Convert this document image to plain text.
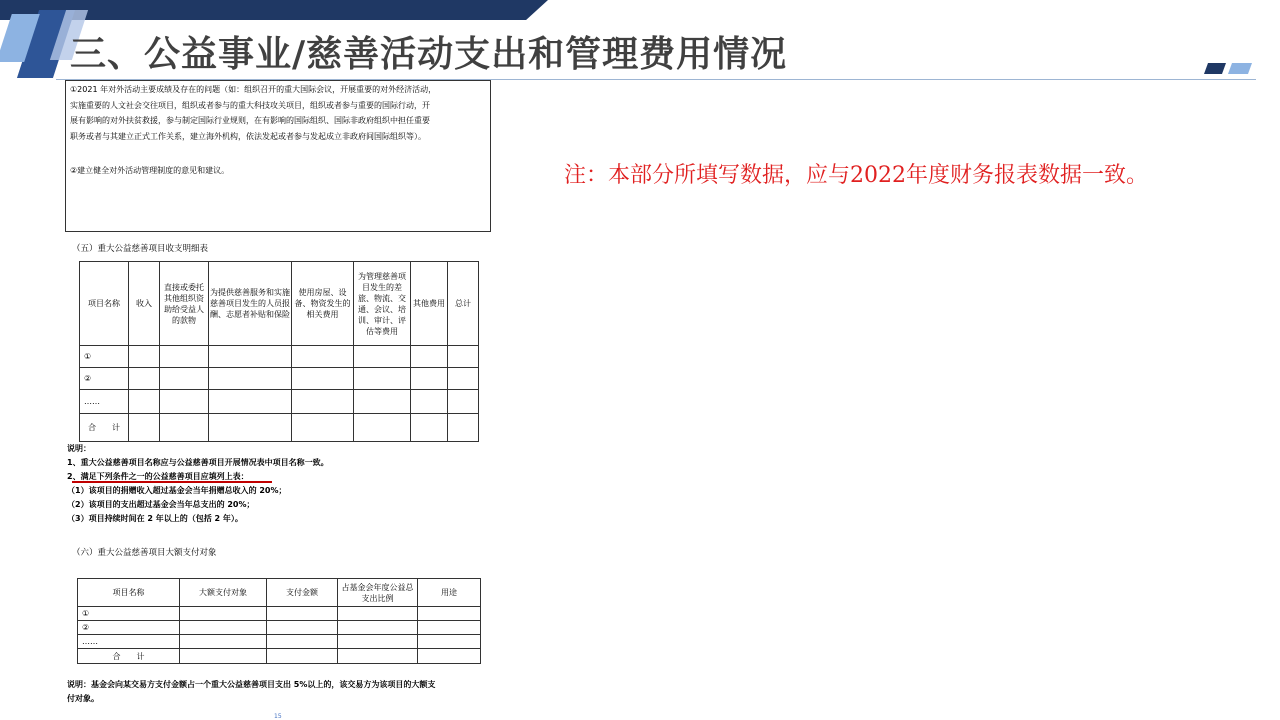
三、公益事业/慈善活动支出和管理费用情况
注：本部分所填写数据，应与2022年度财务报表数据一致。
①2021 年对外活动主要成绩及存在的问题（如：组织召开的重大国际会议，开展重要的对外经济活动，
实施重要的人文社会交往项目，组织或者参与的重大科技攻关项目，组织或者参与重要的国际行动，开
展有影响的对外扶贫救援，参与制定国际行业规则，在有影响的国际组织、国际非政府组织中担任重要
职务或者与其建立正式工作关系，建立海外机构，依法发起或者参与发起成立非政府间国际组织等）。
②建立健全对外活动管理制度的意见和建议。
（五）重大公益慈善项目收支明细表
项目名称	收入	直接或委托其他组织资助给受益人的款物	为提供慈善服务和实施慈善项目发生的人员报酬、志愿者补贴和保险	使用房屋、设备、物资发生的相关费用	为管理慈善项目发生的差旅、物流、交通、会议、培训、审计、评估等费用	其他费用	总计
①							
②							
……							
合　　计							
说明：
1、重大公益慈善项目名称应与公益慈善项目开展情况表中项目名称一致。
2、满足下列条件之一的公益慈善项目应填列上表：
（1）该项目的捐赠收入超过基金会当年捐赠总收入的 20%；
（2）该项目的支出超过基金会当年总支出的 20%；
（3）项目持续时间在 2 年以上的（包括 2 年）。
（六）重大公益慈善项目大额支付对象
项目名称	大额支付对象	支付金额	占基金会年度公益总支出比例	用途
①				
②				
……				
合　　计				
说明：基金会向某交易方支付金额占一个重大公益慈善项目支出 5%以上的，该交易方为该项目的大额支
付对象。
15
